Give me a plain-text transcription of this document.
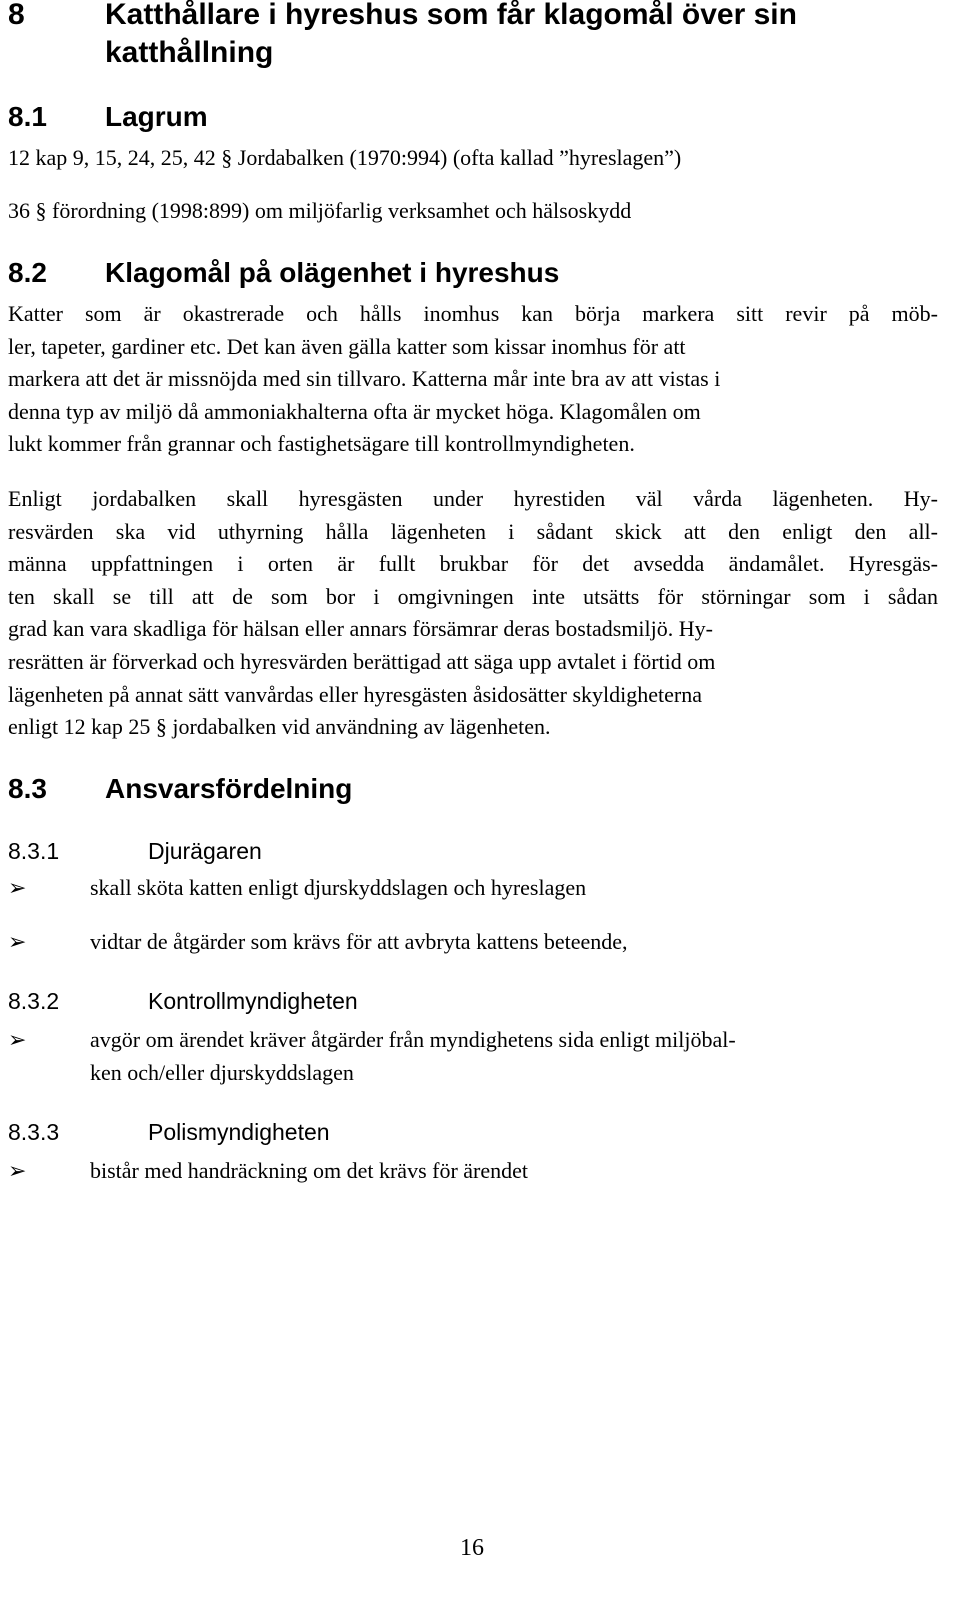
8	Katthållare i hyreshus som får klagomål över sin
katthållning
8.1 Lagrum
12 kap 9, 15, 24, 25, 42 § Jordabalken (1970:994) (ofta kallad ”hyreslagen”)
36 § förordning (1998:899) om miljöfarlig verksamhet och hälsoskydd
8.2 Klagomål på olägenhet i hyreshus
Katter som är okastrerade och hålls inomhus kan börja markera sitt revir på möb-
ler, tapeter, gardiner etc. Det kan även gälla katter som kissar inomhus för att
markera att det är missnöjda med sin tillvaro. Katterna mår inte bra av att vistas i
denna typ av miljö då ammoniakhalterna ofta är mycket höga. Klagomålen om
lukt kommer från grannar och fastighetsägare till kontrollmyndigheten.
Enligt jordabalken skall hyresgästen under hyrestiden väl vårda lägenheten. Hy-
resvärden ska vid uthyrning hålla lägenheten i sådant skick att den enligt den all-
männa uppfattningen i orten är fullt brukbar för det avsedda ändamålet. Hyresgäs-
ten skall se till att de som bor i omgivningen inte utsätts för störningar som i sådan
grad kan vara skadliga för hälsan eller annars försämrar deras bostadsmiljö. Hy-
resrätten är förverkad och hyresvärden berättigad att säga upp avtalet i förtid om
lägenheten på annat sätt vanvårdas eller hyresgästen åsidosätter skyldigheterna
enligt 12 kap 25 § jordabalken vid användning av lägenheten.
8.3 Ansvarsfördelning
8.3.1	Djurägaren
➢	skall sköta katten enligt djurskyddslagen och hyreslagen
➢	vidtar de åtgärder som krävs för att avbryta kattens beteende,
8.3.2	Kontrollmyndigheten
➢	avgör om ärendet kräver åtgärder från myndighetens sida enligt miljöbal-
ken och/eller djurskyddslagen
8.3.3	Polismyndigheten
➢	bistår med handräckning om det krävs för ärendet
16
